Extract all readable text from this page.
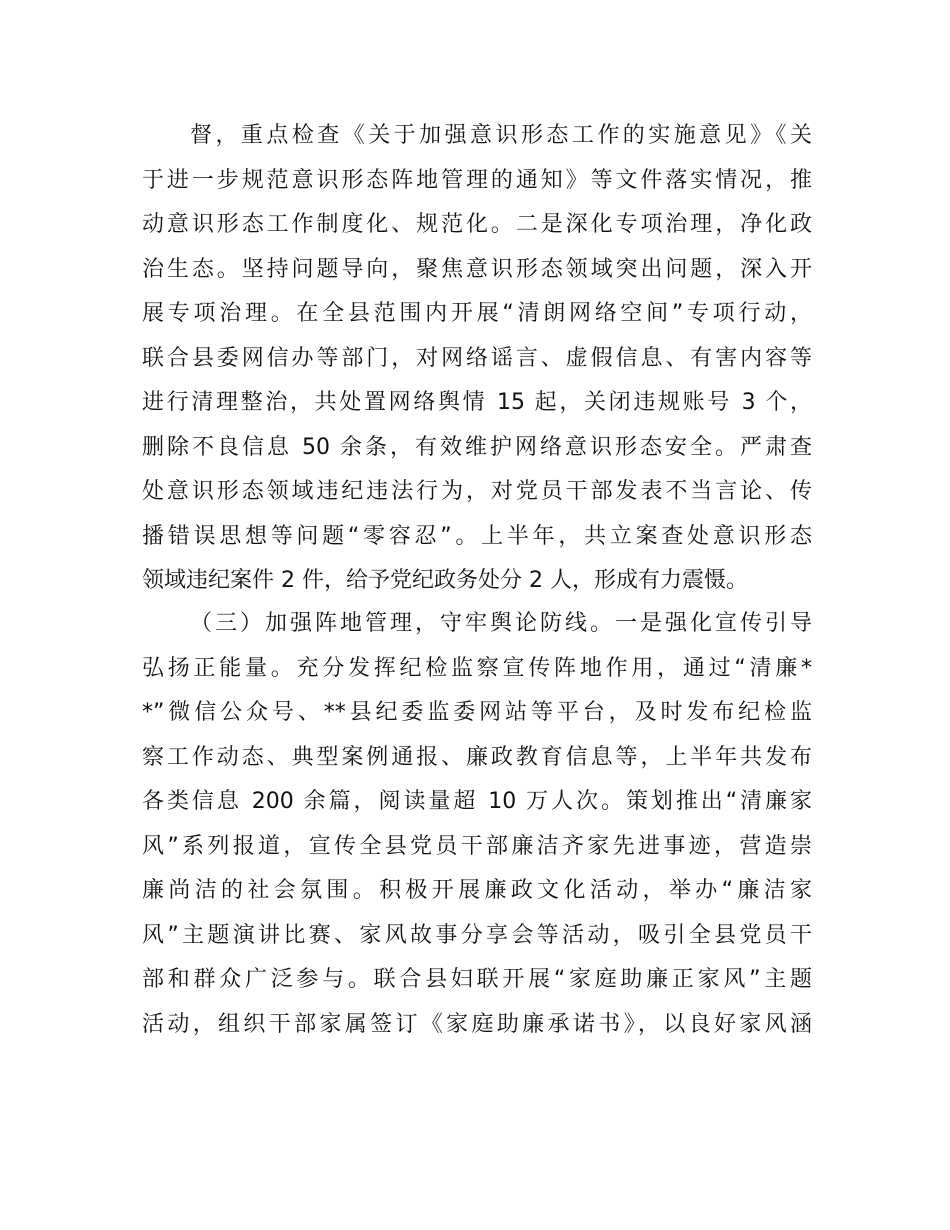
督，重点检查《关于加强意识形态工作的实施意见》《关
于进一步规范意识形态阵地管理的通知》等文件落实情况，推
动意识形态工作制度化、规范化。二是深化专项治理，净化政
治生态。坚持问题导向，聚焦意识形态领域突出问题，深入开
展专项治理。在全县范围内开展“清朗网络空间”专项行动，
联合县委网信办等部门，对网络谣言、虚假信息、有害内容等
进行清理整治，共处置网络舆情 15 起，关闭违规账号 3 个，
删除不良信息 50 余条，有效维护网络意识形态安全。严肃查
处意识形态领域违纪违法行为，对党员干部发表不当言论、传
播错误思想等问题“零容忍”。上半年，共立案查处意识形态
领域违纪案件 2 件，给予党纪政务处分 2 人，形成有力震慑。
（三）加强阵地管理，守牢舆论防线。一是强化宣传引导
弘扬正能量。充分发挥纪检监察宣传阵地作用，通过“清廉*
*”微信公众号、**县纪委监委网站等平台，及时发布纪检监
察工作动态、典型案例通报、廉政教育信息等，上半年共发布
各类信息 200 余篇，阅读量超 10 万人次。策划推出“清廉家
风”系列报道，宣传全县党员干部廉洁齐家先进事迹，营造崇
廉尚洁的社会氛围。积极开展廉政文化活动，举办“廉洁家
风”主题演讲比赛、家风故事分享会等活动，吸引全县党员干
部和群众广泛参与。联合县妇联开展“家庭助廉正家风”主题
活动，组织干部家属签订《家庭助廉承诺书》，以良好家风涵
